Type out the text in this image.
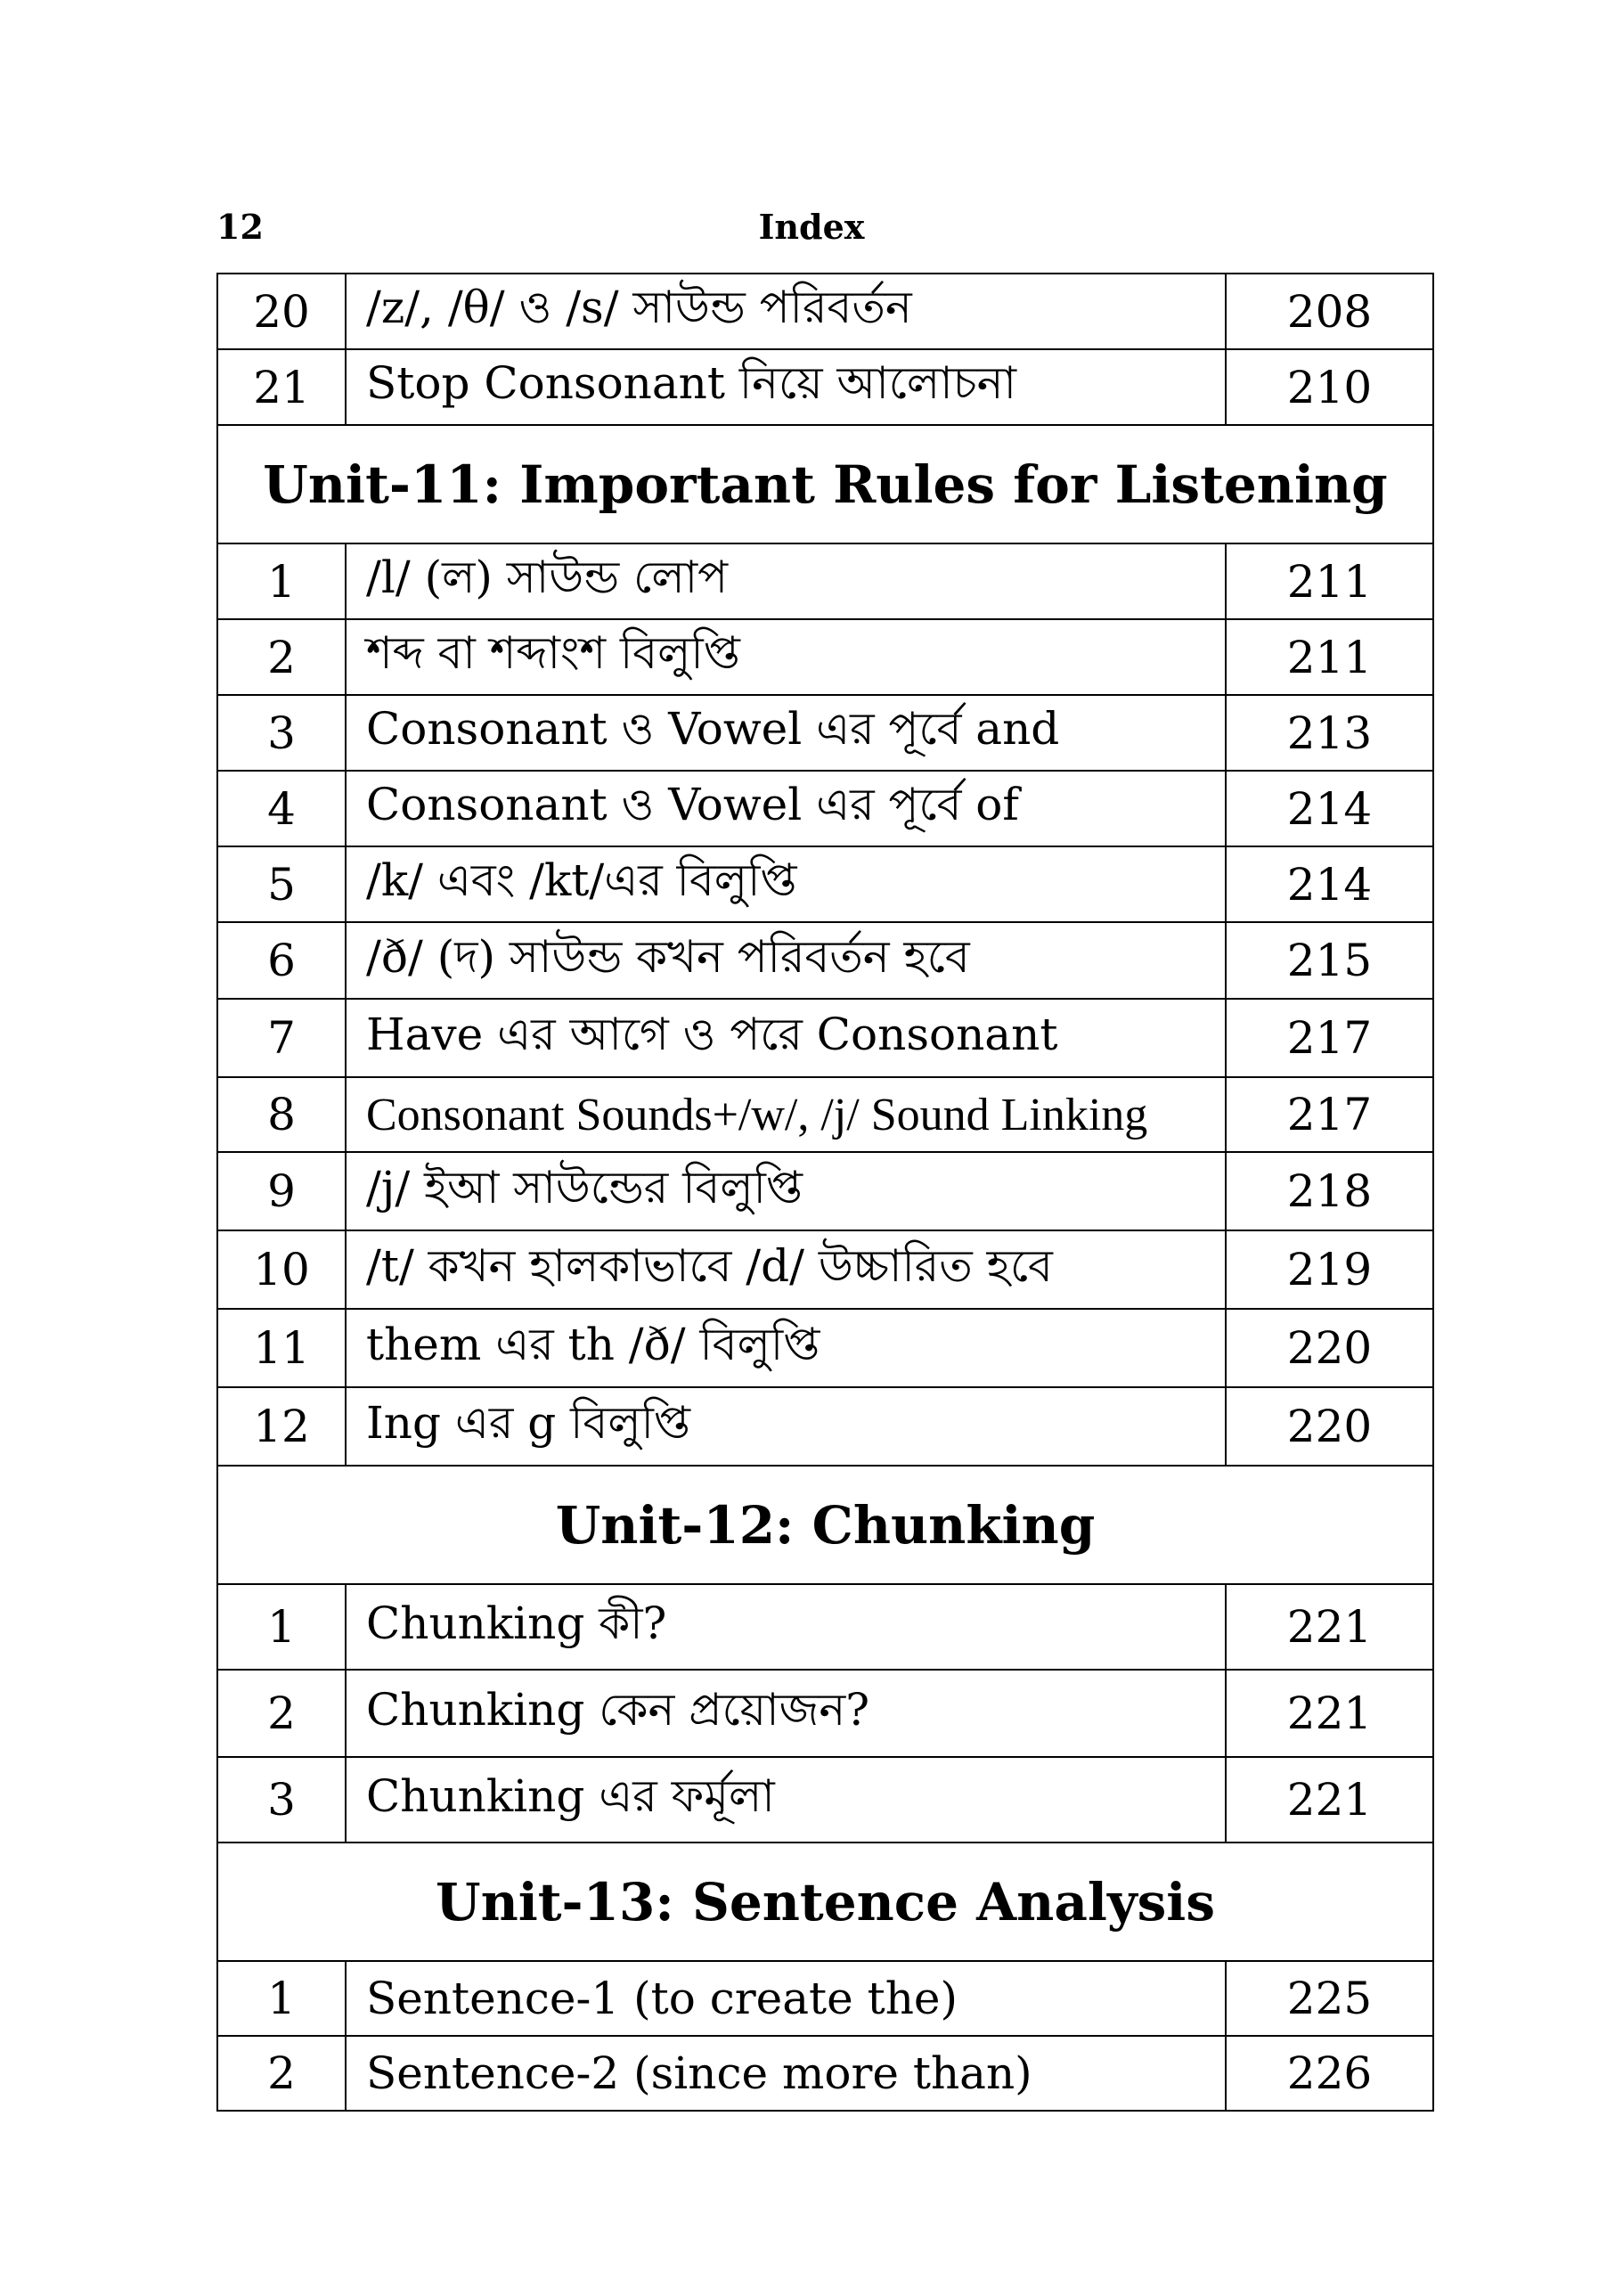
12	Index
20	/z/, /θ/ ও /s/ সাউন্ড পরিবর্তন	208
21	Stop Consonant নিয়ে আলোচনা	210
Unit-11: Important Rules for Listening		
1	/l/ (ল) সাউন্ড লোপ	211
2	শব্দ বা শব্দাংশ বিলুপ্তি	211
3	Consonant ও Vowel এর পূর্বে and	213
4	Consonant ও Vowel এর পূর্বে of	214
5	/k/ এবং /kt/এর বিলুপ্তি	214
6	/ð/ (দ) সাউন্ড কখন পরিবর্তন হবে	215
7	Have এর আগে ও পরে Consonant	217
8	Consonant Sounds+/w/, /j/ Sound Linking	217
9	/j/ ইআ সাউন্ডের বিলুপ্তি	218
10	/t/ কখন হালকাভাবে /d/ উচ্চারিত হবে	219
11	them এর th /ð/ বিলুপ্তি	220
12	Ing এর g বিলুপ্তি	220
Unit-12: Chunking		
1	Chunking কী?	221
2	Chunking কেন প্রয়োজন?	221
3	Chunking এর ফর্মূলা	221
Unit-13: Sentence Analysis		
1	Sentence-1 (to create the)	225
2	Sentence-2 (since more than)	226
